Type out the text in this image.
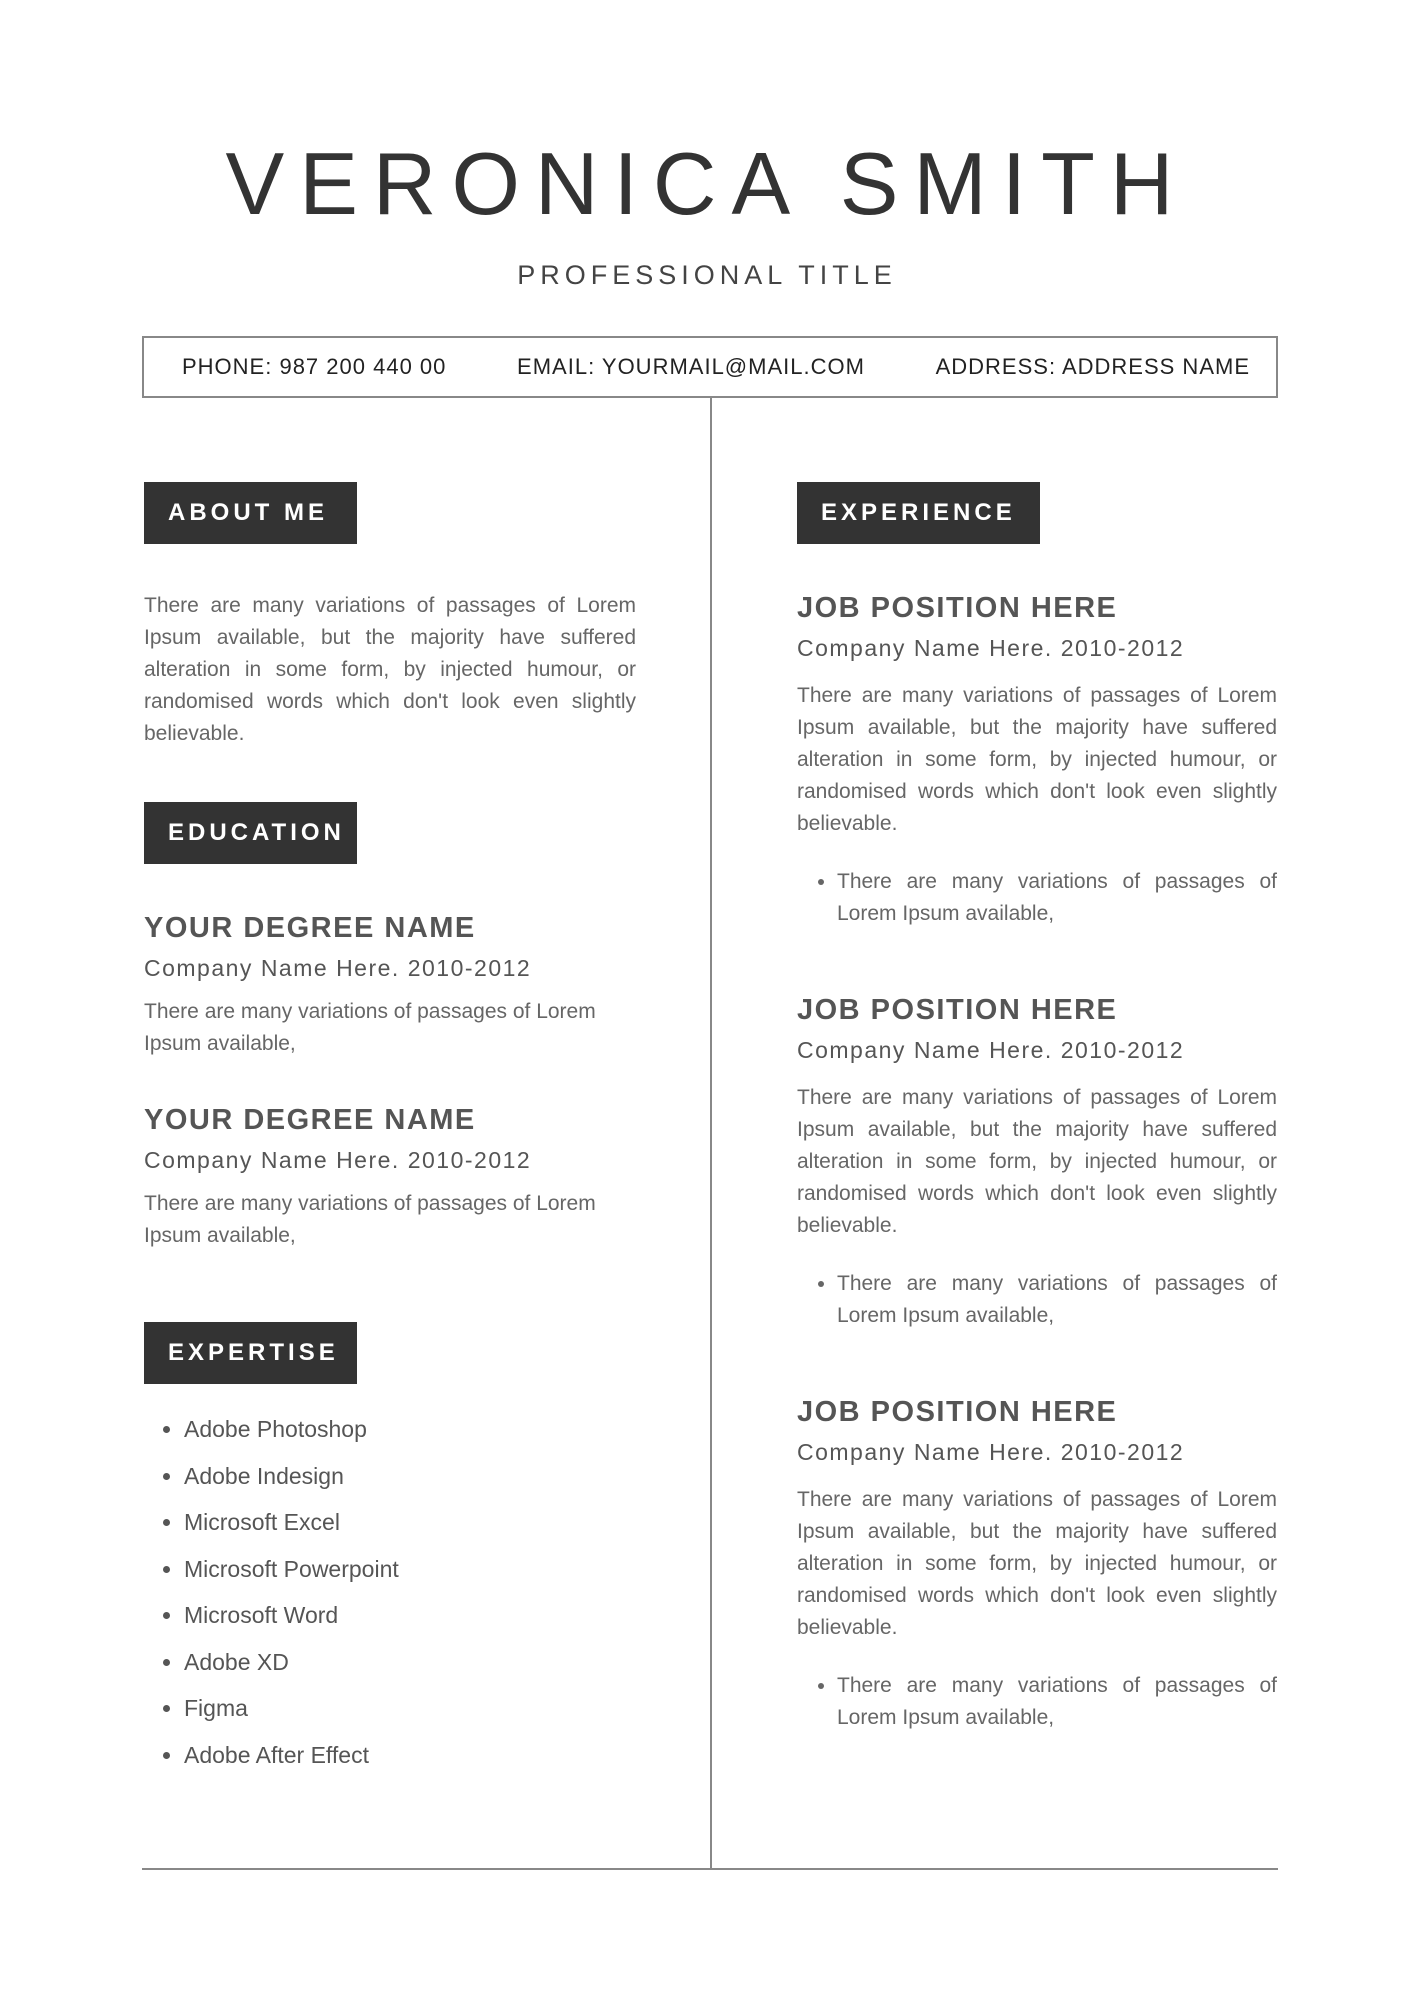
VERONICA SMITH
PROFESSIONAL TITLE
PHONE: 987 200 440 00	EMAIL: YOURMAIL@MAIL.COM	ADDRESS: ADDRESS NAME
ABOUT ME

There are many variations of passages of Lorem Ipsum available, but the majority have suffered alteration in some form, by injected humour, or randomised words which don't look even slightly believable.

EDUCATION

YOUR DEGREE NAME

Company Name Here. 2010-2012

There are many variations of passages of Lorem Ipsum available,

YOUR DEGREE NAME

Company Name Here. 2010-2012

There are many variations of passages of Lorem Ipsum available,

EXPERTISE
• Adobe Photoshop
• Adobe Indesign
• Microsoft Excel
• Microsoft Powerpoint
• Microsoft Word
• Adobe XD
• Figma
• Adobe After Effect
EXPERIENCE

JOB POSITION HERE

Company Name Here. 2010-2012

There are many variations of passages of Lorem Ipsum available, but the majority have suffered alteration in some form, by injected humour, or randomised words which don't look even slightly believable.

• There are many variations of passages of Lorem Ipsum available,

JOB POSITION HERE

Company Name Here. 2010-2012

There are many variations of passages of Lorem Ipsum available, but the majority have suffered alteration in some form, by injected humour, or randomised words which don't look even slightly believable.

• There are many variations of passages of Lorem Ipsum available,

JOB POSITION HERE

Company Name Here. 2010-2012

There are many variations of passages of Lorem Ipsum available, but the majority have suffered alteration in some form, by injected humour, or randomised words which don't look even slightly believable.

• There are many variations of passages of Lorem Ipsum available,
